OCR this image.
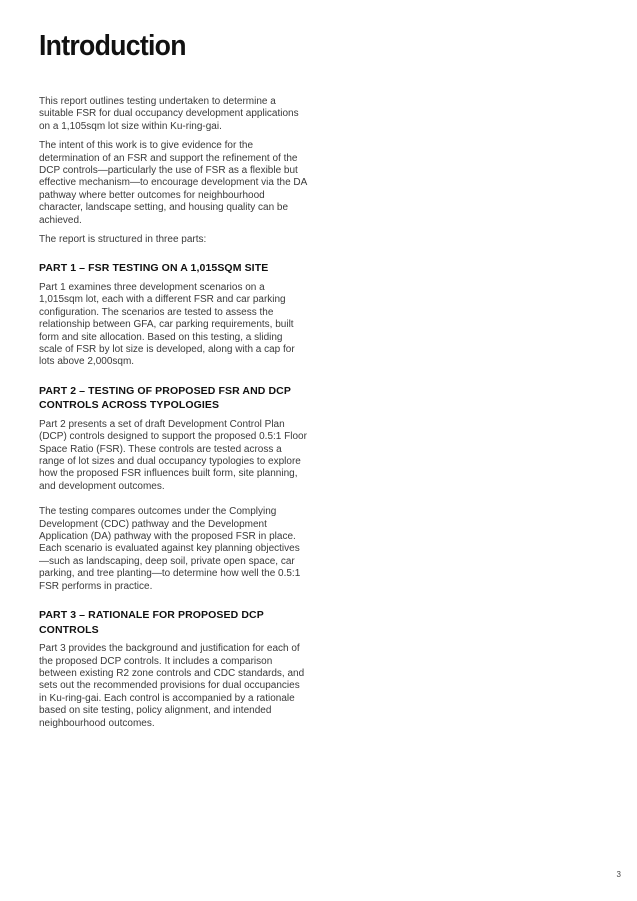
Introduction

This report outlines testing undertaken to determine a suitable FSR for dual occupancy development applications on a 1,105sqm lot size within Ku-ring-gai.

The intent of this work is to give evidence for the determination of an FSR and support the refinement of the DCP controls—particularly the use of FSR as a flexible but effective mechanism—to encourage development via the DA pathway where better outcomes for neighbourhood character, landscape setting, and housing quality can be achieved.

The report is structured in three parts:

PART 1 – FSR TESTING ON A 1,015SQM SITE

Part 1 examines three development scenarios on a 1,015sqm lot, each with a different FSR and car parking configuration. The scenarios are tested to assess the relationship between GFA, car parking requirements, built form and site allocation. Based on this testing, a sliding scale of FSR by lot size is developed, along with a cap for lots above 2,000sqm.

PART 2 – TESTING OF PROPOSED FSR AND DCP CONTROLS ACROSS TYPOLOGIES

Part 2 presents a set of draft Development Control Plan (DCP) controls designed to support the proposed 0.5:1 Floor Space Ratio (FSR). These controls are tested across a range of lot sizes and dual occupancy typologies to explore how the proposed FSR influences built form, site planning, and development outcomes.

The testing compares outcomes under the Complying Development (CDC) pathway and the Development Application (DA) pathway with the proposed FSR in place. Each scenario is evaluated against key planning objectives—such as landscaping, deep soil, private open space, car parking, and tree planting—to determine how well the 0.5:1 FSR performs in practice.

PART 3 – RATIONALE FOR PROPOSED DCP CONTROLS

Part 3 provides the background and justification for each of the proposed DCP controls. It includes a comparison between existing R2 zone controls and CDC standards, and sets out the recommended provisions for dual occupancies in Ku-ring-gai. Each control is accompanied by a rationale based on site testing, policy alignment, and intended neighbourhood outcomes.

3
